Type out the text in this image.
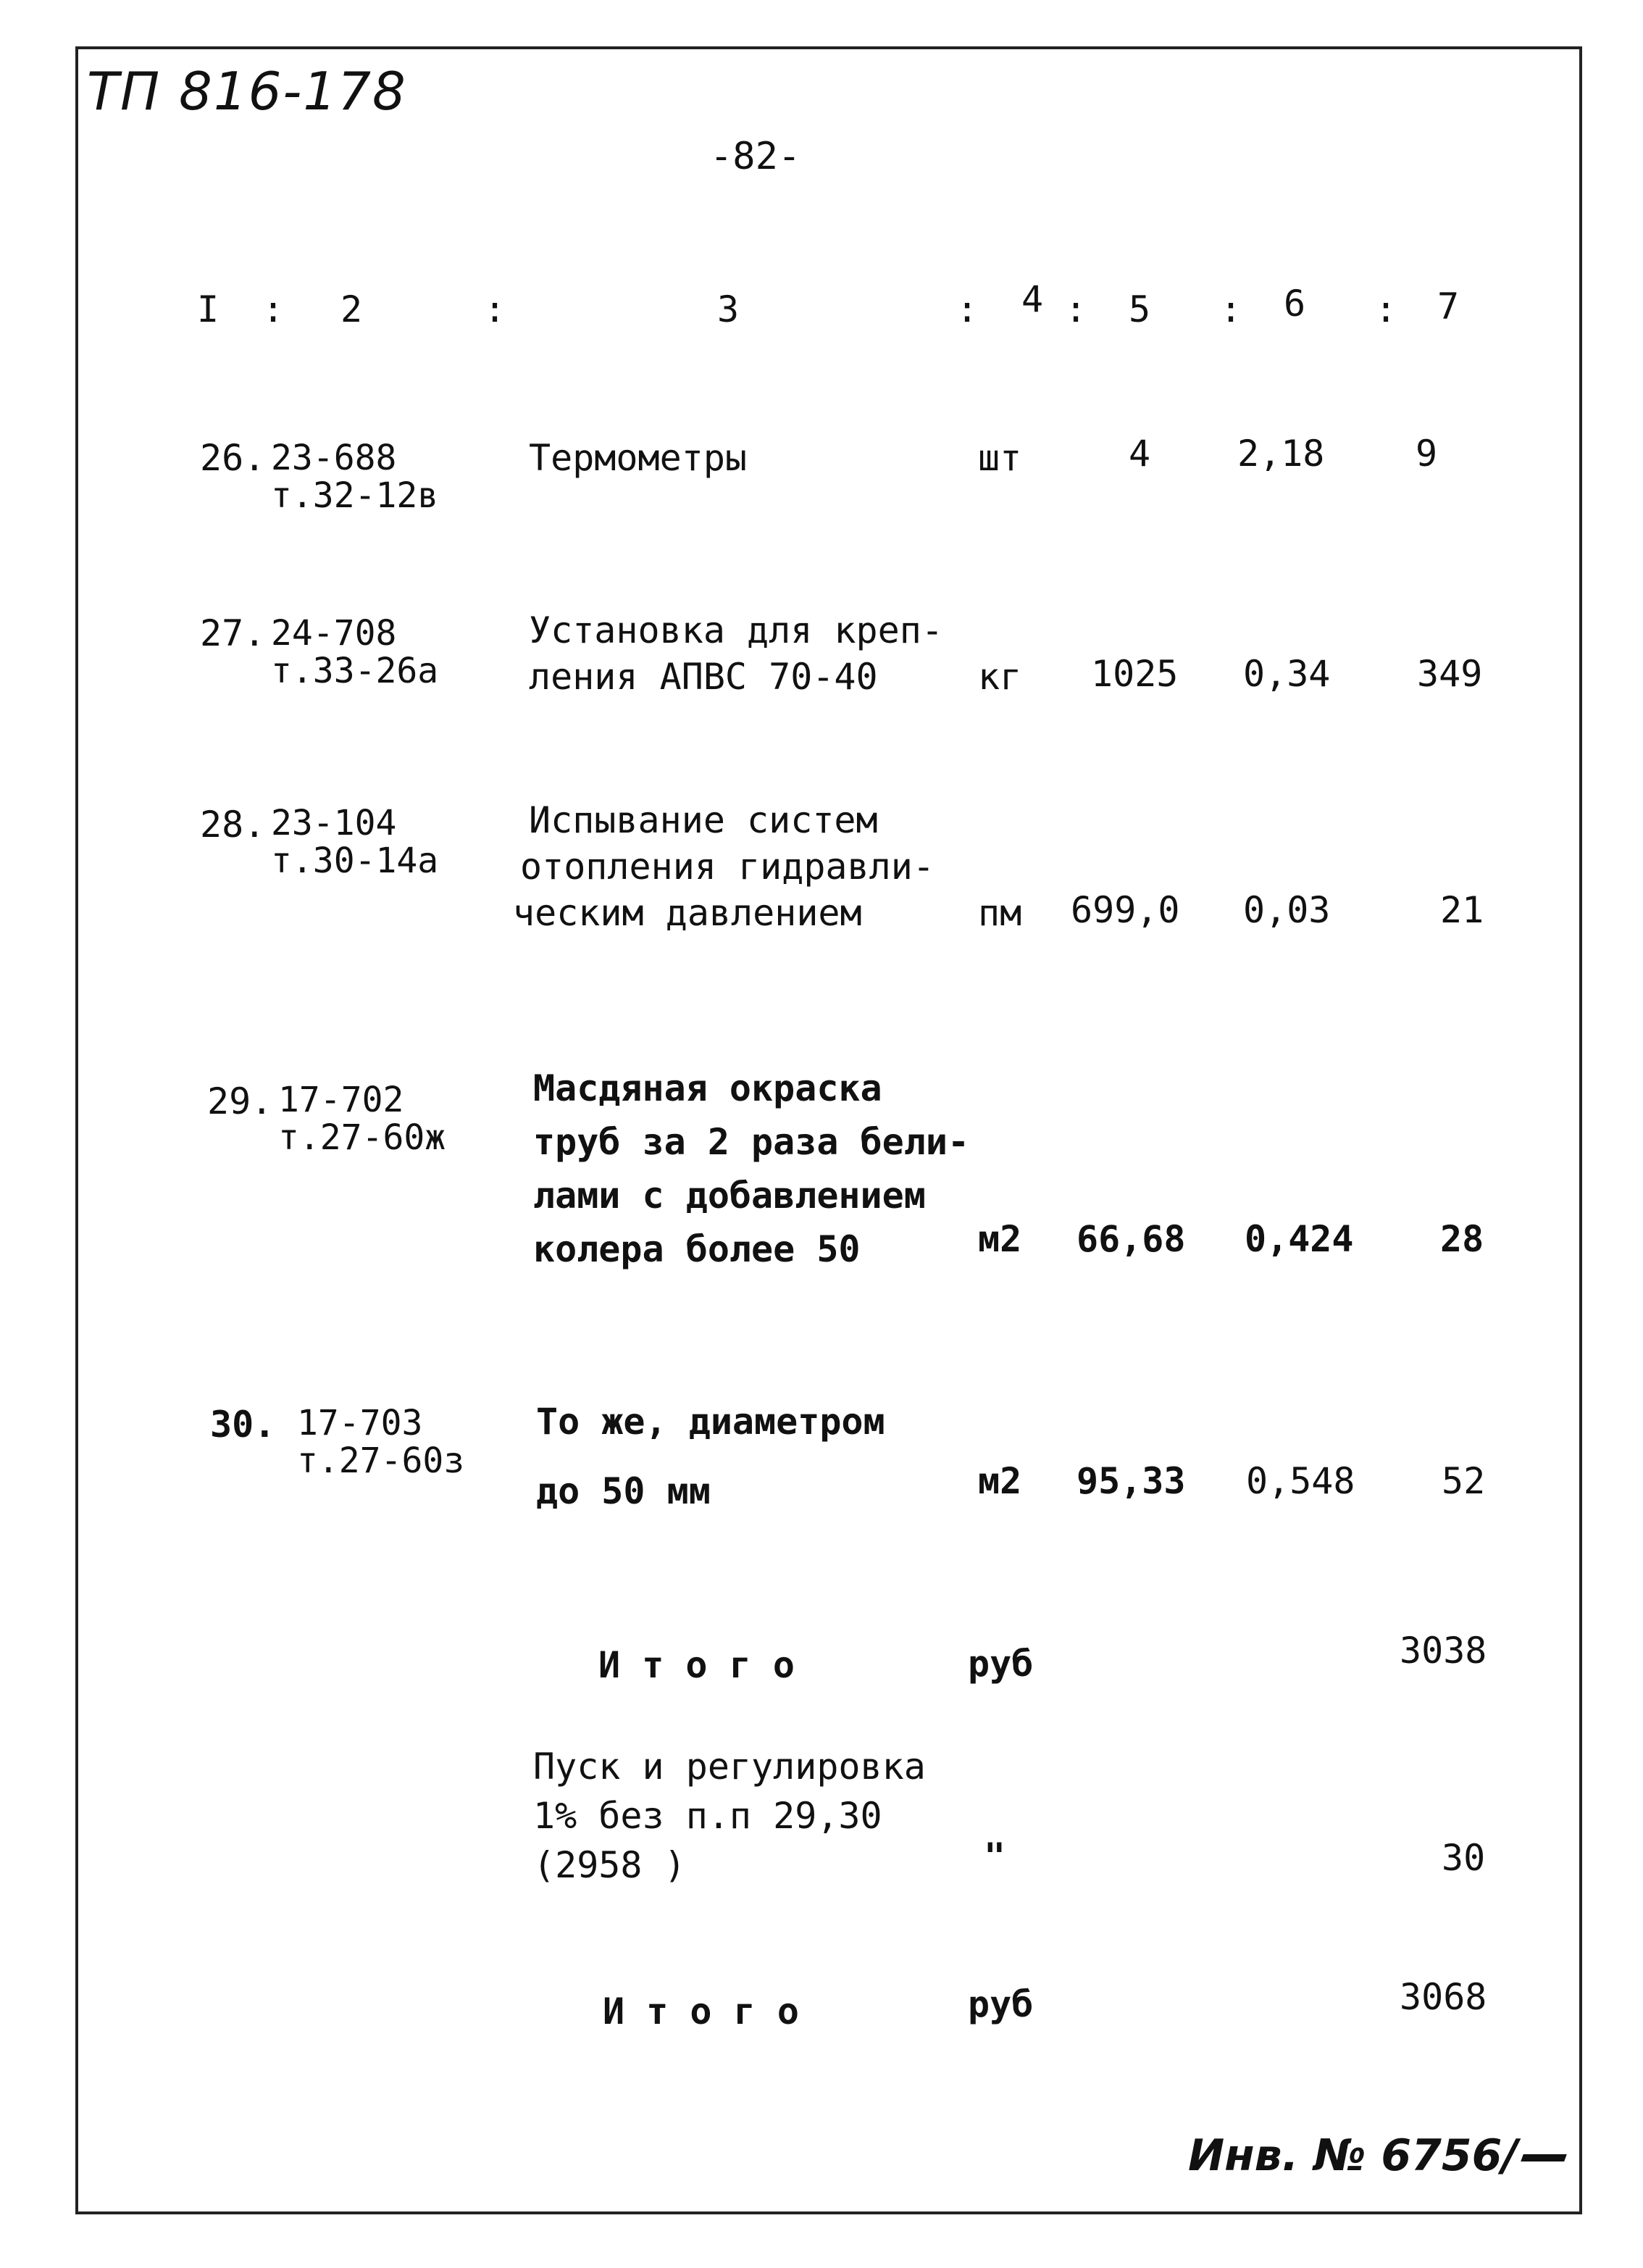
ТП 816-178
-82-
I : 2	:	3	: 4 : 5 : 6 : 7
26. 23-688
т.32-12в
Термометры	шт	4 2,18	9
27. 24-708
т.33-26а
Установка для креп-
ления АПВС 70-40	кг 1025 0,34 349
28. 23-104
т.30-14а
Испывание систем
отопления гидравли-
ческим давлением	пм 699,0 0,03	21
29. 17-702
т.27-60ж
Масдяная окраска
труб за 2 раза бели-
лами с добавлением
колера более 50	м2 66,68 0,424 28
30. 17-703
т.27-60з
То же, диаметром
до 50 мм	м2 95,33 0,548 52
И т о г о	руб	3038
Пуск и регулировка
1% без п.п 29,30
(2958 )	"	30
И т о г о	руб	3068
Инв. № 6756/
